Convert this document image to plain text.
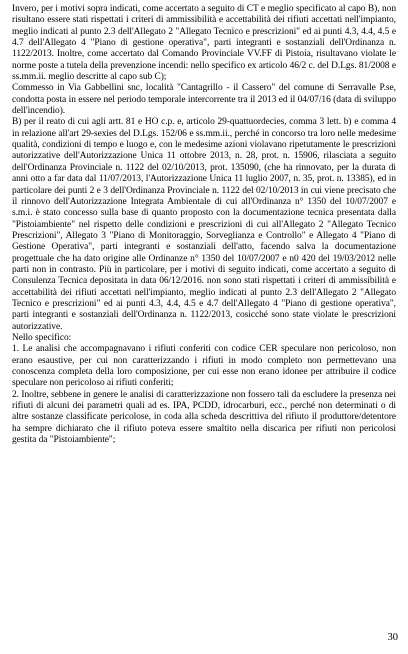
Invero, per i motivi sopra indicati, come accertato a seguito di CT e meglio specificato al capo B), non risultano essere stati rispettati i criteri di ammissibilità e accettabilità dei rifiuti accettati nell'impianto, meglio indicati al punto 2.3 dell'Allegato 2 "Allegato Tecnico e prescrizioni" ed ai punti 4.3, 4.4, 4.5 e 4.7 dell'Allegato 4 "Piano di gestione operativa", parti integranti e sostanziali dell'Ordinanza n. 1122/2013. Inoltre, come accertato dal Comando Provinciale VV.FF di Pistoia, risultavano violate le norme poste a tutela della prevenzione incendi: nello specifico ex articolo 46/2 c. del D.Lgs. 81/2008 e ss.mm.ii. meglio descritte al capo sub C);

Commesso in Via Gabbellini snc, località "Cantagrillo - il Cassero" del comune di Serravalle P.se, condotta posta in essere nel periodo temporale intercorrente tra il 2013 ed il 04/07/16 (data di sviluppo dell'incendio).

B) per il reato di cui agli artt. 81 e HO c.p. e, articolo 29-quattuordecies, comma 3 lett. b) e comma 4 in relazione all'art 29-sexies del D.Lgs. 152/06 e ss.mm.ii., perché in concorso tra loro nelle medesime qualità, condizioni di tempo e luogo e, con le medesime azioni violavano ripetutamente le prescrizioni autorizzative dell'Autorizzazione Unica 11 ottobre 2013, n. 28, prot. n. 15906, rilasciata a seguito dell'Ordinanza Provinciale n. 1122 del 02/10/2013, prot. 135090, (che ha rinnovato, per la durata di anni otto a far data dal 11/07/2013, l'Autorizzazione Unica 11 luglio 2007, n. 35, prot. n. 13385), ed in particolare dei punti 2 e 3 dell'Ordinanza Provinciale n. 1122 del 02/10/2013 in cui viene precisato che il rinnovo dell'Autorizzazione Integrata Ambientale di cui all'Ordinanza n° 1350 del 10/07/2007 e s.m.i. è stato concesso sulla base di quanto proposto con la documentazione tecnica presentata dalla "Pistoiambiente" nel rispetto delle condizioni e prescrizioni di cui all'Allegato 2 "Allegato Tecnico Prescrizioni", Allegato 3 "Piano di Monitoraggio, Sorveglianza e Controllo" e Allegato 4 "Piano di Gestione Operativa", parti integranti e sostanziali dell'atto, facendo salva la documentazione progettuale che ha dato origine alle Ordinanze n° 1350 del 10/07/2007 e n0 420 del 19/03/2012 nelle parti non in contrasto. Più in particolare, per i motivi di seguito indicati, come accertato a seguito di Consulenza Tecnica depositata in data 06/12/2016. non sono stati rispettati i criteri di ammissibilità e accettabilità dei rifiuti accettati nell'impianto, meglio indicati al punto 2.3 dell'Allegato 2 "Allegato Tecnico e prescrizioni" ed ai punti 4.3, 4.4, 4.5 e 4.7 dell'Allegato 4 "Piano di gestione operativa", parti integranti e sostanziali dell'Ordinanza n. 1122/2013, cosicché sono state violate le prescrizioni autorizzative.

Nello specifico:

1. Le analisi che accompagnavano i rifiuti conferiti con codice CER speculare non pericoloso, non erano esaustive, per cui non caratterizzando i rifiuti in modo completo non permettevano una conoscenza completa della loro composizione, per cui esse non erano idonee per attribuire il codice speculare non pericoloso ai rifiuti conferiti;

2. Inoltre, sebbene in genere le analisi di caratterizzazione non fossero tali da escludere la presenza nei rifiuti di alcuni dei parametri quali ad es. IPA, PCDD, idrocarburi, ecc., perché non determinati o di altre sostanze classificate pericolose, in coda alla scheda descrittiva del rifiuto il produttore/detentore ha sempre dichiarato che il rifiuto poteva essere smaltito nella discarica per rifiuti non pericolosi gestita da "Pistoiambiente";

30
